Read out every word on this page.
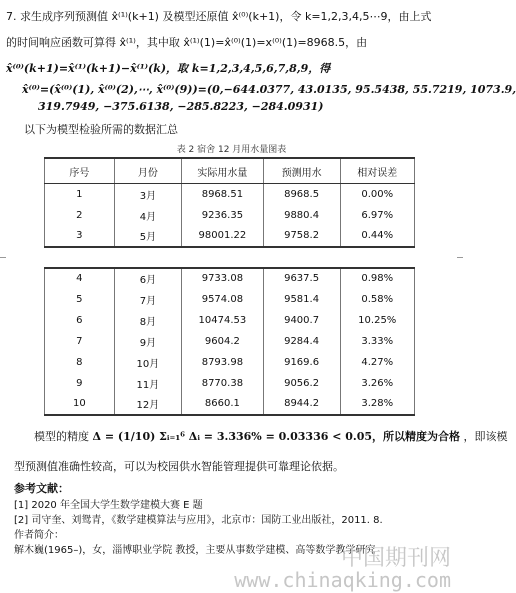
7. 求生成序列预测值 x̂⁽¹⁾(k+1) 及模型还原值 x̂⁽⁰⁾(k+1)，令 k=1,2,3,4,5⋯9，由上式
的时间响应函数可算得 x̂⁽¹⁾，其中取 x̂⁽¹⁾(1)=x̂⁽⁰⁾(1)=x⁽⁰⁾(1)=8968.5，由
x̂⁽⁰⁾(k+1)=x̂⁽¹⁾(k+1)−x̂⁽¹⁾(k)，取 k=1,2,3,4,5,6,7,8,9，得
x̂⁽⁰⁾=(x̂⁽⁰⁾(1), x̂⁽⁰⁾(2),⋯, x̂⁽⁰⁾(9))=(0,−644.0377, 43.0135, 95.5438, 55.7219, 1073.9,
319.7949, −375.6138, −285.8223, −284.0931)
以下为模型检验所需的数据汇总
表 2 宿舍 12 月用水量图表
序号	月份	实际用水量	预测用水	相对误差
1	3月	8968.51	8968.5	0.00%
2	4月	9236.35	9880.4	6.97%
3	5月	98001.22	9758.2	0.44%

4	6月	9733.08	9637.5	0.98%
5	7月	9574.08	9581.4	0.58%
6	8月	10474.53	9400.7	10.25%
7	9月	9604.2	9284.4	3.33%
8	10月	8793.98	9169.6	4.27%
9	11月	8770.38	9056.2	3.26%
10	12月	8660.1	8944.2	3.28%
模型的精度 Δ = (1/10) Σᵢ₌₁⁶ Δᵢ = 3.336% = 0.03336 < 0.05，所以精度为合格 ，即该模
型预测值准确性较高，可以为校园供水智能管理提供可靠理论依据。
参考文献：
[1] 2020 年全国大学生数学建模大赛 E 题
[2] 司守奎、刘鸳青，《数学建模算法与应用》，北京市：国防工业出版社，2011. 8.
作者简介：
解木巍(1965–)，女，淄博职业学院 教授，主要从事数学建模、高等数学教学研究
中国期刊网
www.chinaqking.com
